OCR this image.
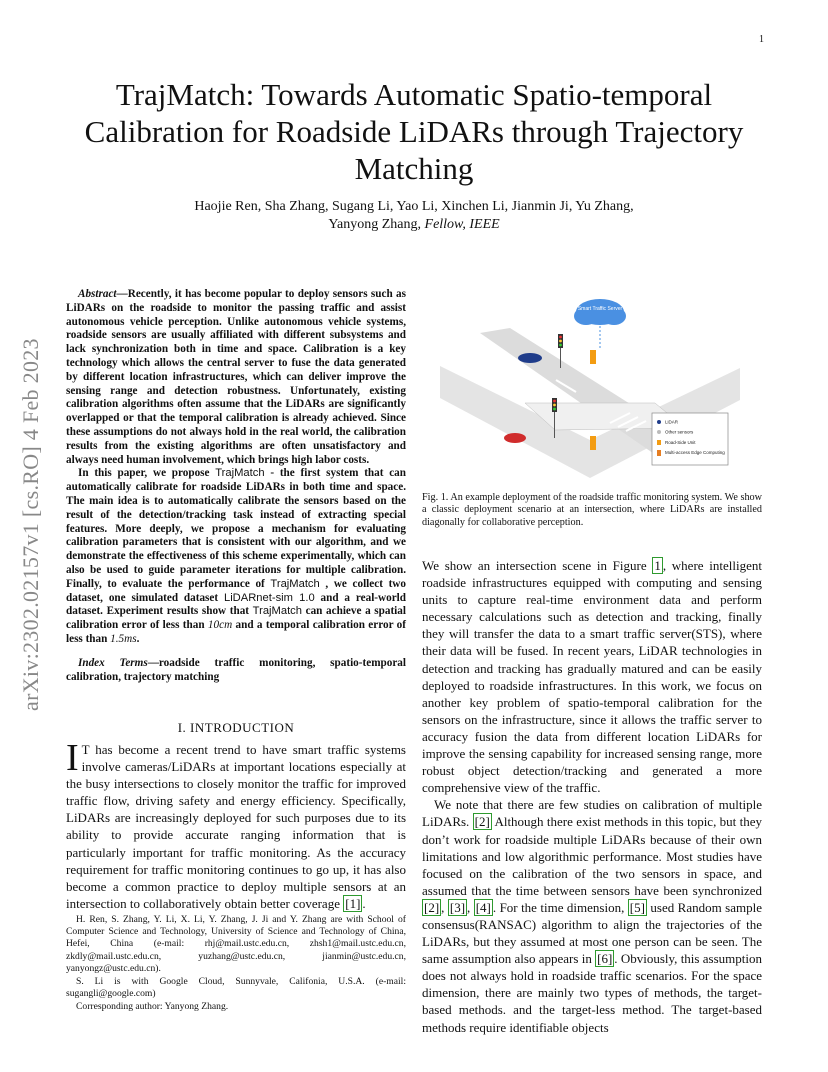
1
TrajMatch: Towards Automatic Spatio-temporal Calibration for Roadside LiDARs through Trajectory Matching
Haojie Ren, Sha Zhang, Sugang Li, Yao Li, Xinchen Li, Jianmin Ji, Yu Zhang,
Yanyong Zhang, Fellow, IEEE
arXiv:2302.02157v1 [cs.RO] 4 Feb 2023

Abstract—Recently, it has become popular to deploy sensors such as LiDARs on the roadside to monitor the passing traffic and assist autonomous vehicle perception. Unlike autonomous vehicle systems, roadside sensors are usually affiliated with different subsystems and lack synchronization both in time and space. Calibration is a key technology which allows the central server to fuse the data generated by different location infrastructures, which can deliver improve the sensing range and detection robustness. Unfortunately, existing calibration algorithms often assume that the LiDARs are significantly overlapped or that the temporal calibration is already achieved. Since these assumptions do not always hold in the real world, the calibration results from the existing algorithms are often unsatisfactory and always need human involvement, which brings high labor costs.

In this paper, we propose TrajMatch - the first system that can automatically calibrate for roadside LiDARs in both time and space. The main idea is to automatically calibrate the sensors based on the result of the detection/tracking task instead of extracting special features. More deeply, we propose a mechanism for evaluating calibration parameters that is consistent with our algorithm, and we demonstrate the effectiveness of this scheme experimentally, which can also be used to guide parameter iterations for multiple calibration. Finally, to evaluate the performance of TrajMatch , we collect two dataset, one simulated dataset LiDARnet-sim 1.0 and a real-world dataset. Experiment results show that TrajMatch can achieve a spatial calibration error of less than 10cm and a temporal calibration error of less than 1.5ms.

Index Terms—roadside traffic monitoring, spatio-temporal calibration, trajectory matching

I. INTRODUCTION
I T has become a recent trend to have smart traffic systems involve cameras/LiDARs at important locations especially at the busy intersections to closely monitor the traffic for improved traffic flow, driving safety and energy efficiency. Specifically, LiDARs are increasingly deployed for such purposes due to its ability to provide accurate ranging information that is particularly important for traffic monitoring. As the accuracy requirement for traffic monitoring continues to go up, it has also become a common practice to deploy multiple sensors at an intersection to collaboratively obtain better coverage [1] .

H. Ren, S. Zhang, Y. Li, X. Li, Y. Zhang, J. Ji and Y. Zhang are with School of Computer Science and Technology, University of Science and Technology of China, Hefei, China (e-mail: rhj@mail.ustc.edu.cn, zhsh1@mail.ustc.edu.cn, zkdly@mail.ustc.edu.cn, yuzhang@ustc.edu.cn, jianmin@ustc.edu.cn, yanyongz@ustc.edu.cn).

S. Li is with Google Cloud, Sunnyvale, Califonia, U.S.A. (e-mail: sugangli@google.com)

Corresponding author: Yanyong Zhang.

Smart Traffic Server
LiDAR
Other sensors
Road-Side Unit
Multi-access Edge Computing
Fig. 1. An example deployment of the roadside traffic monitoring system. We show a classic deployment scenario at an intersection, where LiDARs are installed diagonally for collaborative perception.

We show an intersection scene in Figure 1 , where intelligent roadside infrastructures equipped with computing and sensing units to capture real-time environment data and perform necessary calculations such as detection and tracking, finally they will transfer the data to a smart traffic server(STS), where their data will be fused. In recent years, LiDAR technologies in detection and tracking has gradually matured and can be easily deployed to roadside infrastructures. In this work, we focus on another key problem of spatio-temporal calibration for the sensors on the infrastructure, since it allows the traffic server to accuracy fusion the data from different location LiDARs for improve the sensing capability for increased sensing range, more robust object detection/tracking and generated a more comprehensive view of the traffic.

We note that there are few studies on calibration of multiple LiDARs. [2] Although there exist methods in this topic, but they don’t work for roadside multiple LiDARs because of their own limitations and low algorithmic performance. Most studies have focused on the calibration of the two sensors in space, and assumed that the time between sensors have been synchronized [2] , [3] , [4] . For the time dimension, [5] used Random sample consensus(RANSAC) algorithm to align the trajectories of the LiDARs, but they assumed at most one person can be seen. The same assumption also appears in [6] . Obviously, this assumption does not always hold in roadside traffic scenarios. For the space dimension, there are mainly two types of methods, the target-based methods. and the target-less method. The target-based methods require identifiable objects
